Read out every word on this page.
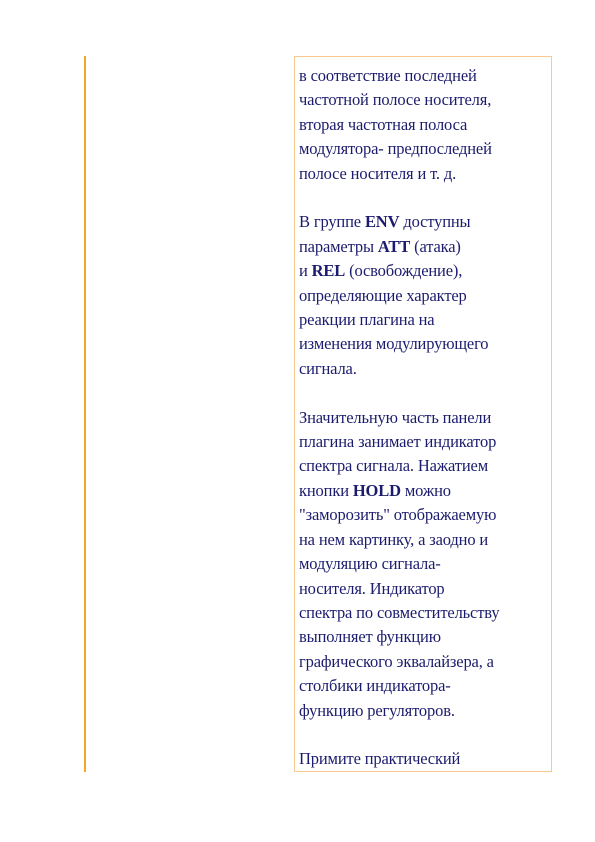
в соответствие последней
частотной полосе носителя,
вторая частотная полоса
модулятора- предпоследней
полосе носителя и т. д.

В группе ENV доступны
параметры ATT (атака)
и REL (освобождение),
определяющие характер
реакции плагина на
изменения модулирующего
сигнала.

Значительную часть панели
плагина занимает индикатор
спектра сигнала. Нажатием
кнопки HOLD можно
"заморозить" отображаемую
на нем картинку, а заодно и
модуляцию сигнала-
носителя. Индикатор
спектра по совместительству
выполняет функцию
графического эквалайзера, а
столбики индикатора-
функцию регуляторов.

Примите практический
